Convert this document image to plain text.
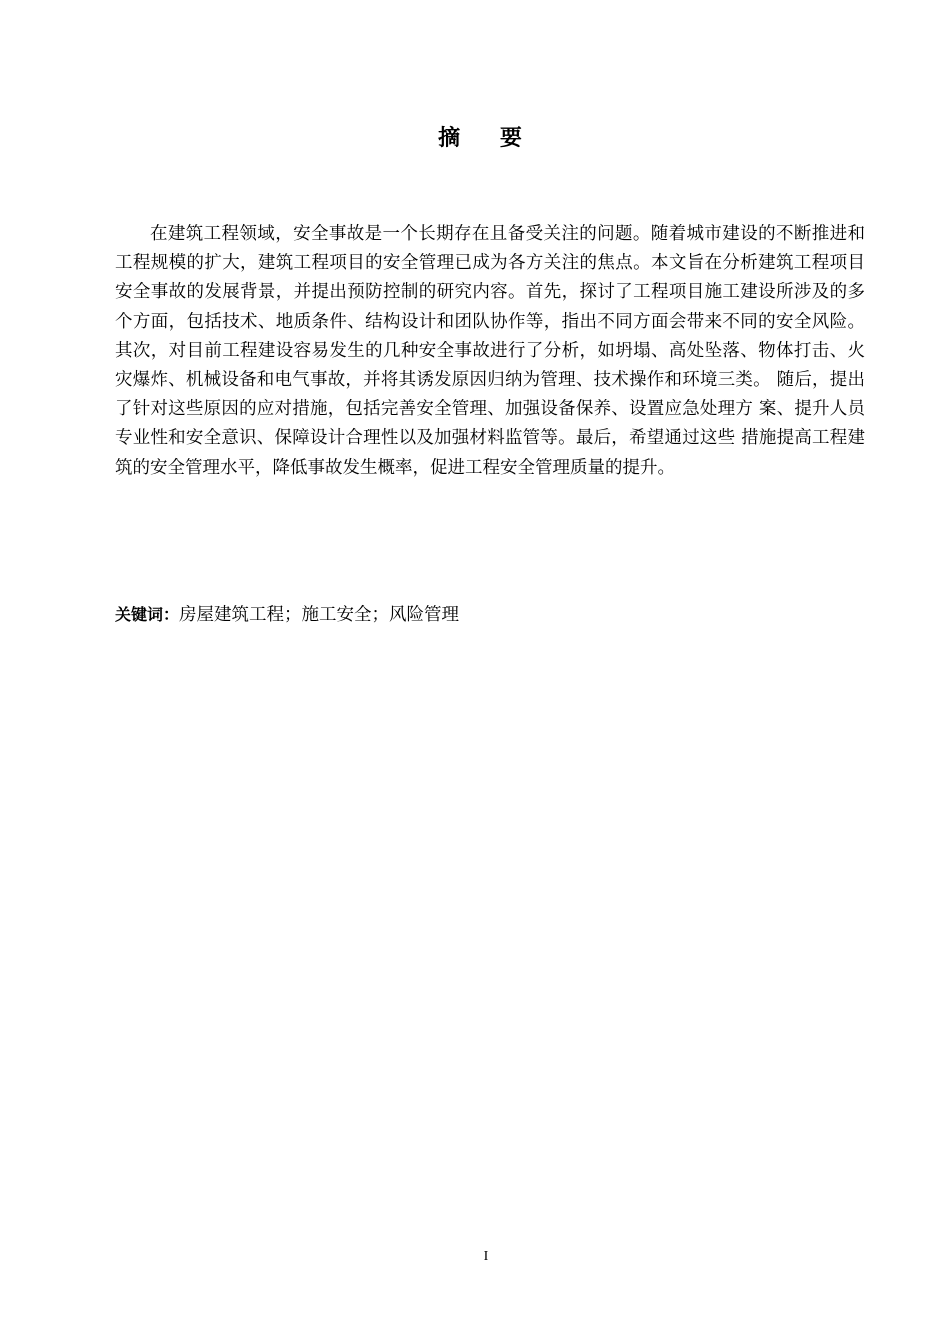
摘 要

在建筑工程领域，安全事故是一个长期存在且备受关注的问题。随着城市建设的不断推进和工程规模的扩大，建筑工程项目的安全管理已成为各方关注的焦点。本文旨在分析建筑工程项目安全事故的发展背景，并提出预防控制的研究内容。首先，探讨了工程项目施工建设所涉及的多个方面，包括技术、地质条件、结构设计和团队协作等，指出不同方面会带来不同的安全风险。其次，对目前工程建设容易发生的几种安全事故进行了分析，如坍塌、高处坠落、物体打击、火灾爆炸、机械设备和电气事故，并将其诱发原因归纳为管理、技术操作和环境三类。 随后，提出了针对这些原因的应对措施，包括完善安全管理、加强设备保养、设置应急处理方 案、提升人员专业性和安全意识、保障设计合理性以及加强材料监管等。最后，希望通过这些 措施提高工程建筑的安全管理水平，降低事故发生概率，促进工程安全管理质量的提升。

关键词：房屋建筑工程；施工安全；风险管理
I
